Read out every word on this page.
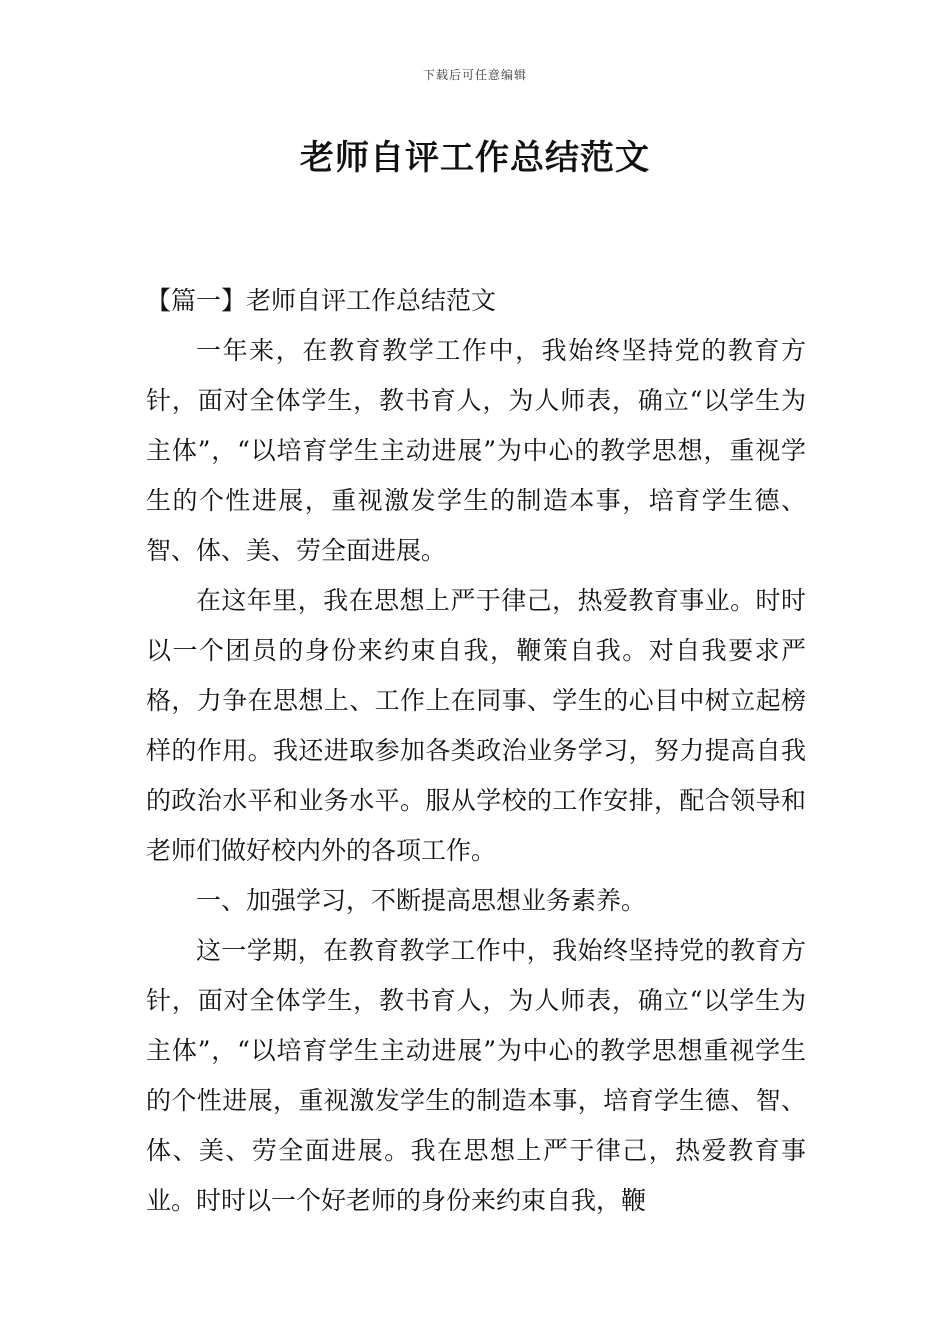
下载后可任意编辑
老师自评工作总结范文

【篇一】老师自评工作总结范文

一年来，在教育教学工作中，我始终坚持党的教育方针，面对全体学生，教书育人，为人师表，确立“以学生为主体”，“以培育学生主动进展”为中心的教学思想，重视学生的个性进展，重视激发学生的制造本事，培育学生德、智、体、美、劳全面进展。

在这年里，我在思想上严于律己，热爱教育事业。时时以一个团员的身份来约束自我，鞭策自我。对自我要求严格，力争在思想上、工作上在同事、学生的心目中树立起榜样的作用。我还进取参加各类政治业务学习，努力提高自我的政治水平和业务水平。服从学校的工作安排，配合领导和老师们做好校内外的各项工作。

一、加强学习，不断提高思想业务素养。

这一学期，在教育教学工作中，我始终坚持党的教育方针，面对全体学生，教书育人，为人师表，确立“以学生为主体”，“以培育学生主动进展”为中心的教学思想重视学生的个性进展，重视激发学生的制造本事，培育学生德、智、体、美、劳全面进展。我在思想上严于律己，热爱教育事业。时时以一个好老师的身份来约束自我，鞭
